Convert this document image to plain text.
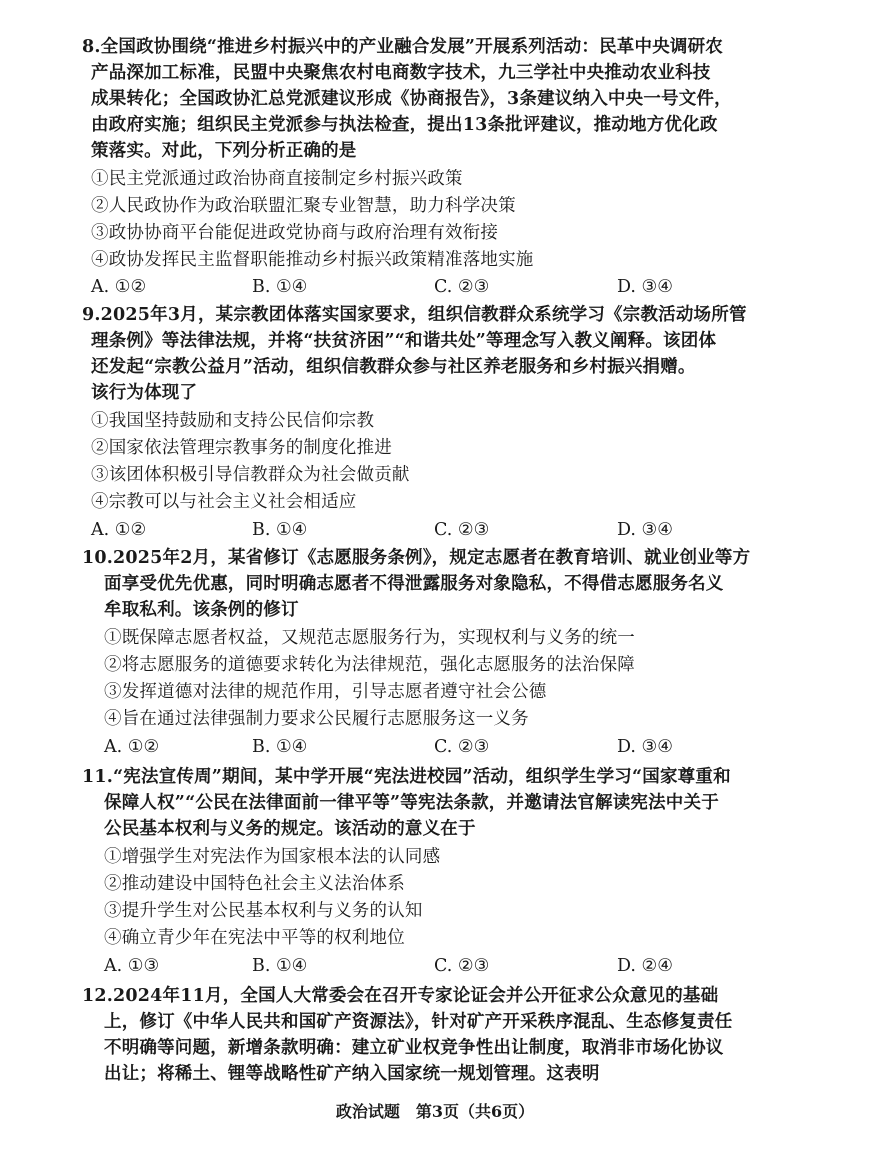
8.全国政协围绕“推进乡村振兴中的产业融合发展”开展系列活动：民革中央调研农
产品深加工标准，民盟中央聚焦农村电商数字技术，九三学社中央推动农业科技
成果转化；全国政协汇总党派建议形成《协商报告》，3条建议纳入中央一号文件，
由政府实施；组织民主党派参与执法检查，提出13条批评建议，推动地方优化政
策落实。对此，下列分析正确的是
①民主党派通过政治协商直接制定乡村振兴政策
②人民政协作为政治联盟汇聚专业智慧，助力科学决策
③政协协商平台能促进政党协商与政府治理有效衔接
④政协发挥民主监督职能推动乡村振兴政策精准落地实施
A. ①②	B. ①④	C. ②③	D. ③④
9.2025年3月，某宗教团体落实国家要求，组织信教群众系统学习《宗教活动场所管
理条例》等法律法规，并将“扶贫济困”“和谐共处”等理念写入教义阐释。该团体
还发起“宗教公益月”活动，组织信教群众参与社区养老服务和乡村振兴捐赠。
该行为体现了
①我国坚持鼓励和支持公民信仰宗教
②国家依法管理宗教事务的制度化推进
③该团体积极引导信教群众为社会做贡献
④宗教可以与社会主义社会相适应
A. ①②	B. ①④	C. ②③	D. ③④
10.2025年2月，某省修订《志愿服务条例》，规定志愿者在教育培训、就业创业等方
面享受优先优惠，同时明确志愿者不得泄露服务对象隐私，不得借志愿服务名义
牟取私利。该条例的修订
①既保障志愿者权益，又规范志愿服务行为，实现权利与义务的统一
②将志愿服务的道德要求转化为法律规范，强化志愿服务的法治保障
③发挥道德对法律的规范作用，引导志愿者遵守社会公德
④旨在通过法律强制力要求公民履行志愿服务这一义务
A. ①②	B. ①④	C. ②③	D. ③④
11.“宪法宣传周”期间，某中学开展“宪法进校园”活动，组织学生学习“国家尊重和
保障人权”“公民在法律面前一律平等”等宪法条款，并邀请法官解读宪法中关于
公民基本权利与义务的规定。该活动的意义在于
①增强学生对宪法作为国家根本法的认同感
②推动建设中国特色社会主义法治体系
③提升学生对公民基本权利与义务的认知
④确立青少年在宪法中平等的权利地位
A. ①③	B. ①④	C. ②③	D. ②④
12.2024年11月，全国人大常委会在召开专家论证会并公开征求公众意见的基础
上，修订《中华人民共和国矿产资源法》，针对矿产开采秩序混乱、生态修复责任
不明确等问题，新增条款明确：建立矿业权竞争性出让制度，取消非市场化协议
出让；将稀土、锂等战略性矿产纳入国家统一规划管理。这表明
政治试题　第3页（共6页）
